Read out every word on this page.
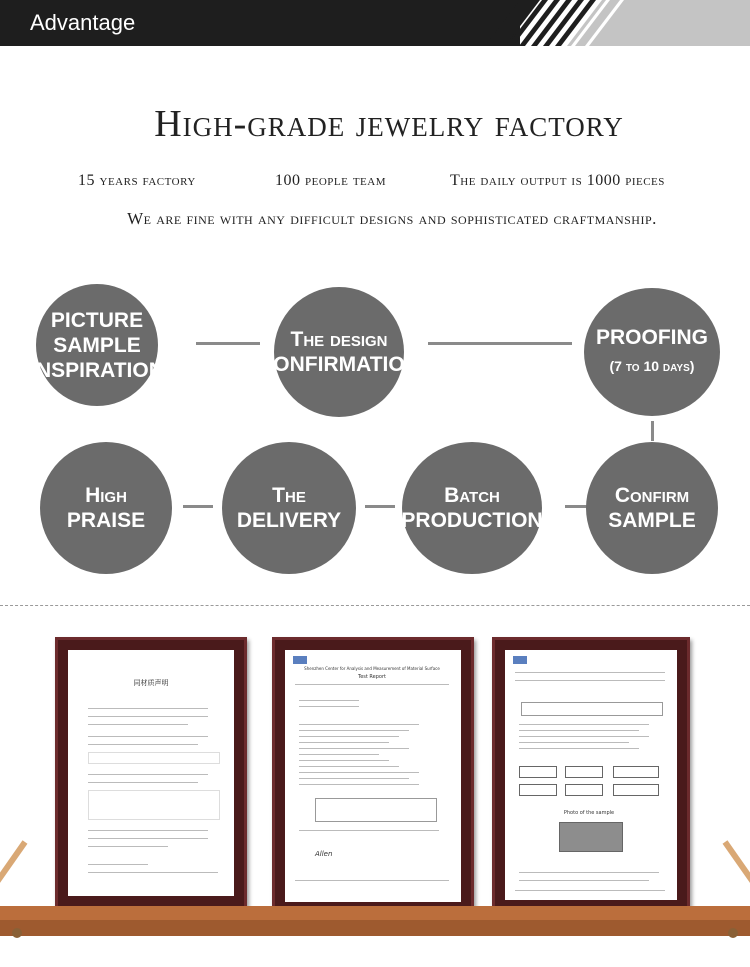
Advantage
High-grade jewelry factory
15 years factory	100 people team	The daily output is 1000 pieces
We are fine with any difficult designs and sophisticated craftmanship.
PICTURE
SAMPLE
INSPIRATION
The design
CONFIRMATION
PROOFING
(7 to 10 days)
Confirm
SAMPLE
Batch
PRODUCTION
The
DELIVERY
High
PRAISE
同材质声明
Shenzhen Center for Analysis and Measurement of Material Surface
Test Report
Allen
Photo of the sample
